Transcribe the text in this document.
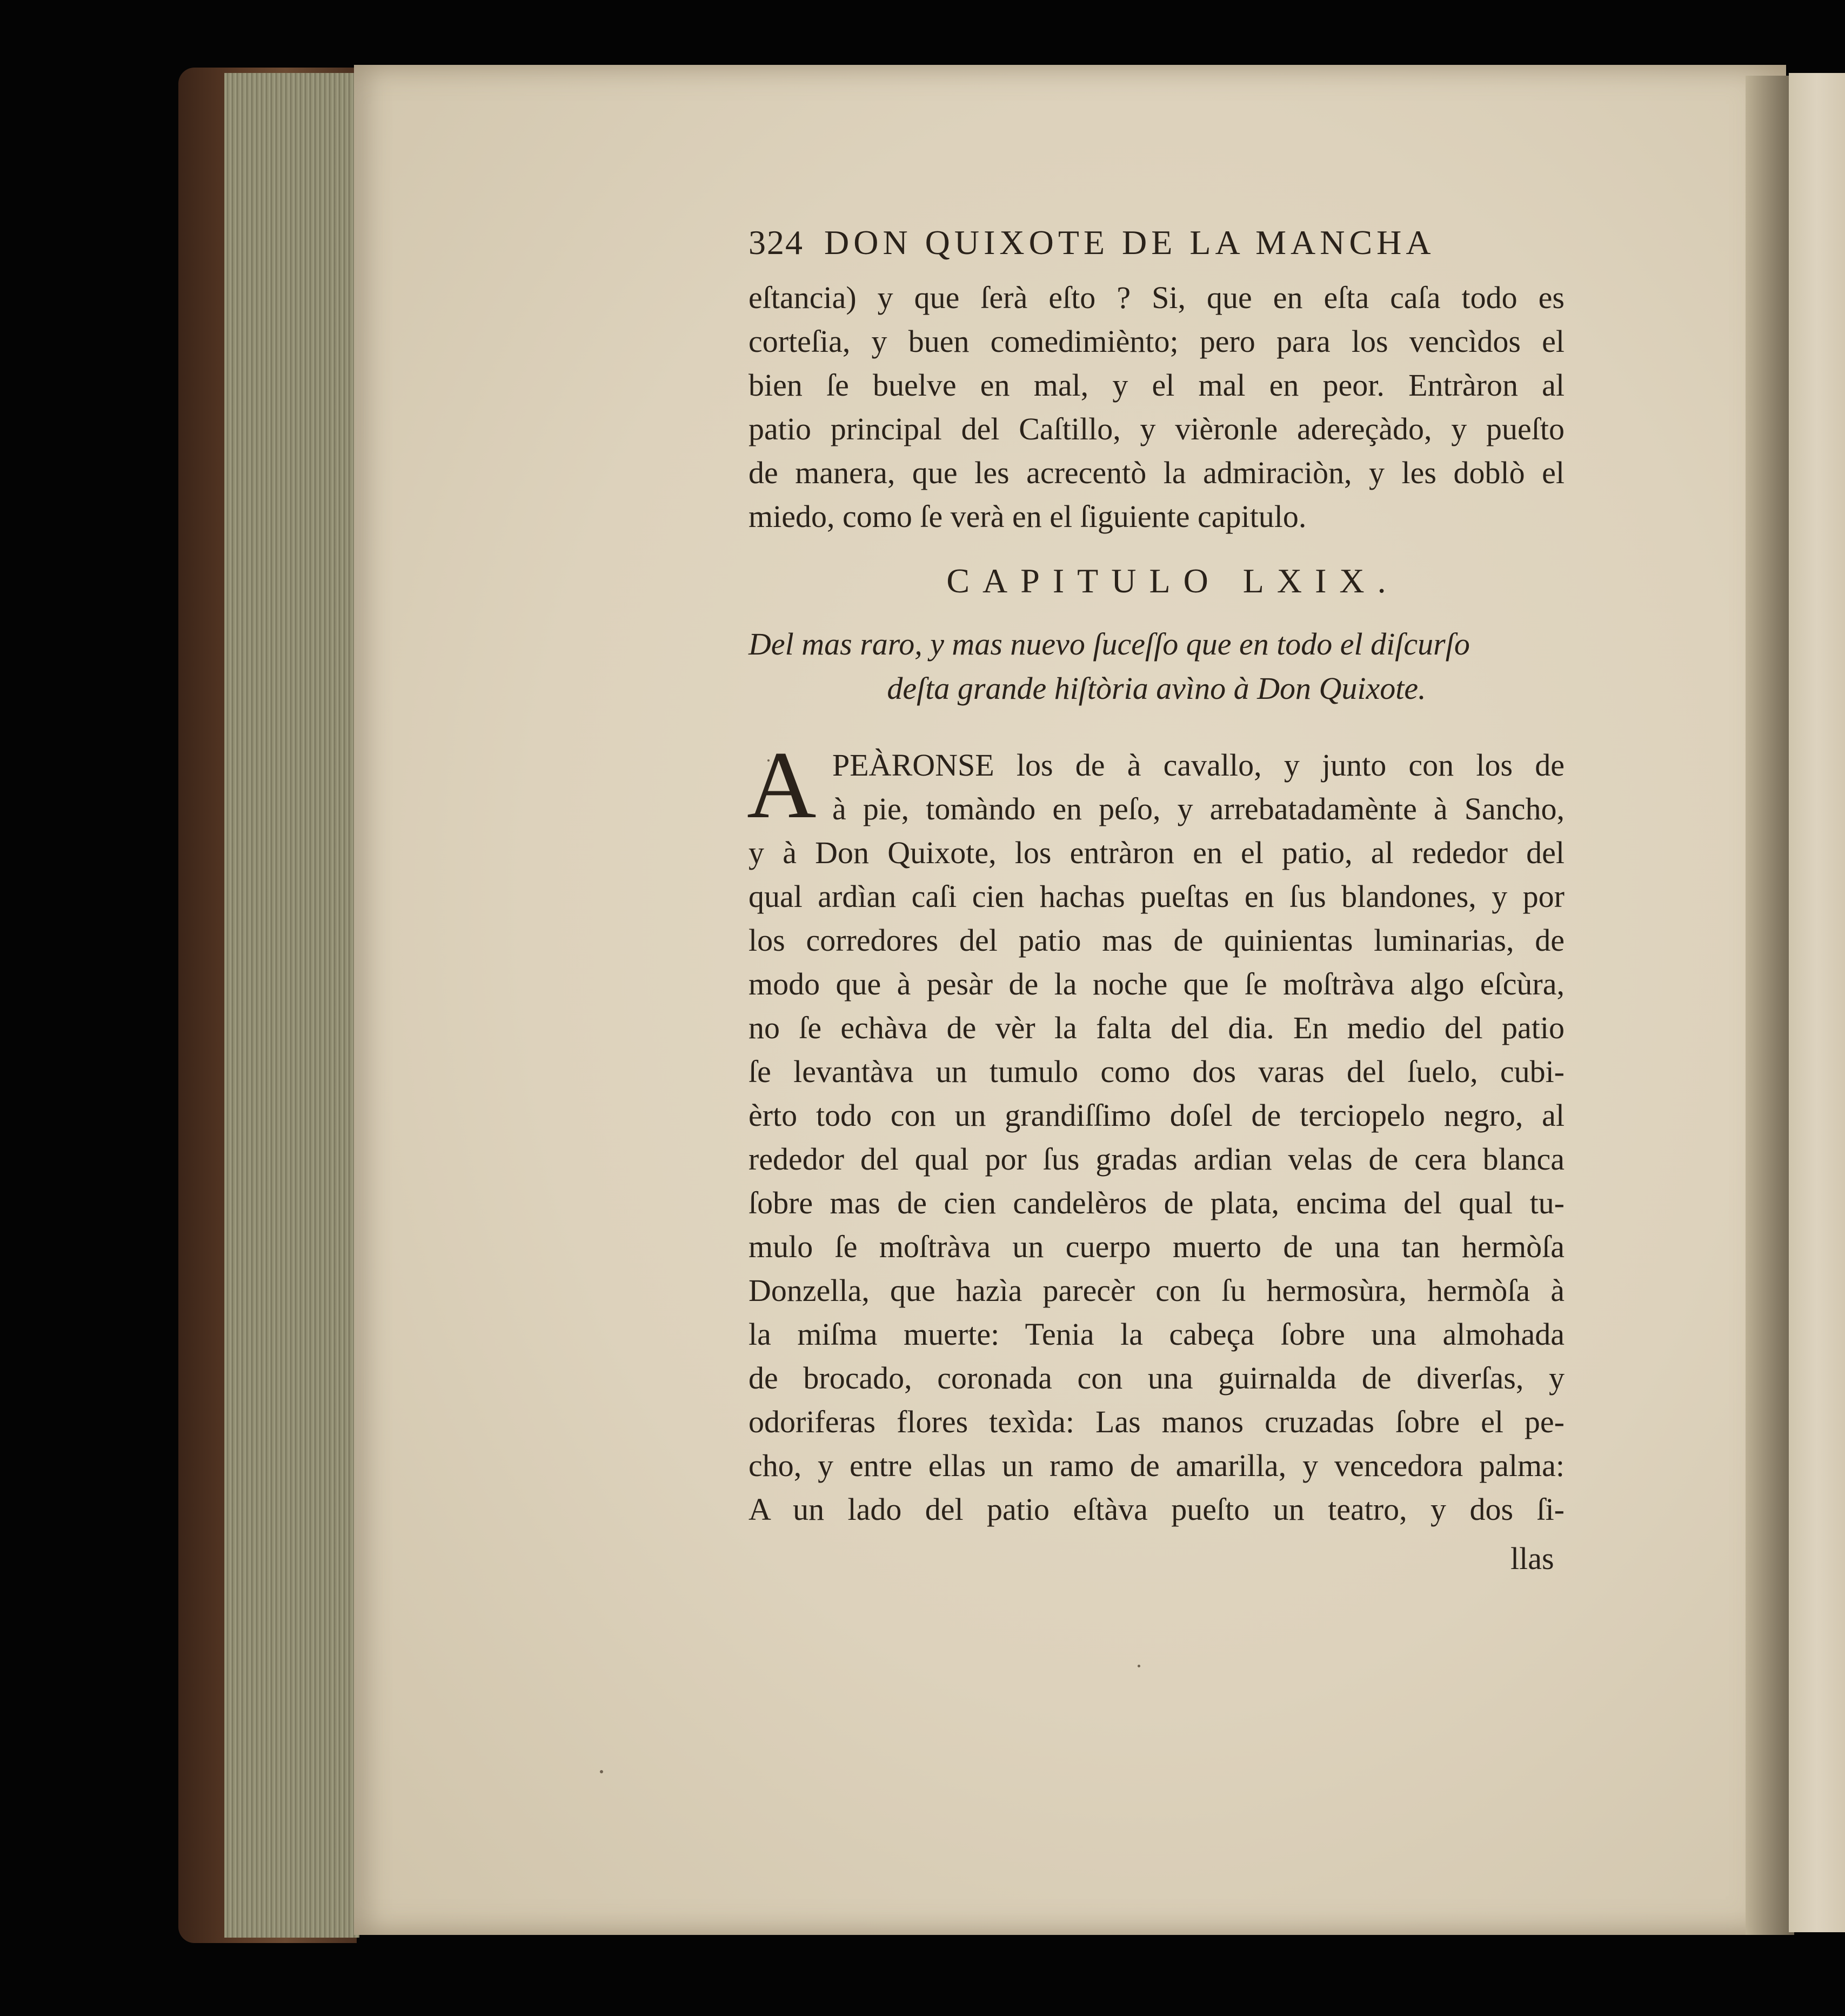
324 DON QUIXOTE DE LA MANCHA
eſtancia) y que ſerà eſto ? Si, que en eſta caſa todo es
corteſia, y buen comedimiènto; pero para los vencìdos el
bien ſe buelve en mal, y el mal en peor. Entràron al
patio principal del Caſtillo, y vièronle adereçàdo, y pueſto
de manera, que les acrecentò la admiraciòn, y les doblò el
miedo, como ſe verà en el ſiguiente capitulo.
CAPITULO LXIX.
Del mas raro, y mas nuevo ſuceſſo que en todo el diſcurſo
deſta grande hiſtòria avìno à Don Quixote.
A PEÀRONSE los de à cavallo, y junto con los de
à pie, tomàndo en peſo, y arrebatadamènte à Sancho,
y à Don Quixote, los entràron en el patio, al rededor del
qual ardìan caſi cien hachas pueſtas en ſus blandones, y por
los corredores del patio mas de quinientas luminarias, de
modo que à pesàr de la noche que ſe moſtràva algo eſcùra,
no ſe echàva de vèr la falta del dia. En medio del patio
ſe levantàva un tumulo como dos varas del ſuelo, cubi-
èrto todo con un grandiſſimo doſel de terciopelo negro, al
rededor del qual por ſus gradas ardian velas de cera blanca
ſobre mas de cien candelèros de plata, encima del qual tu-
mulo ſe moſtràva un cuerpo muerto de una tan hermòſa
Donzella, que hazìa parecèr con ſu hermosùra, hermòſa à
la miſma muerte: Tenia la cabeça ſobre una almohada
de brocado, coronada con una guirnalda de diverſas, y
odoriferas flores texìda: Las manos cruzadas ſobre el pe-
cho, y entre ellas un ramo de amarilla, y vencedora palma:
A un lado del patio eſtàva pueſto un teatro, y dos ſi-
llas
